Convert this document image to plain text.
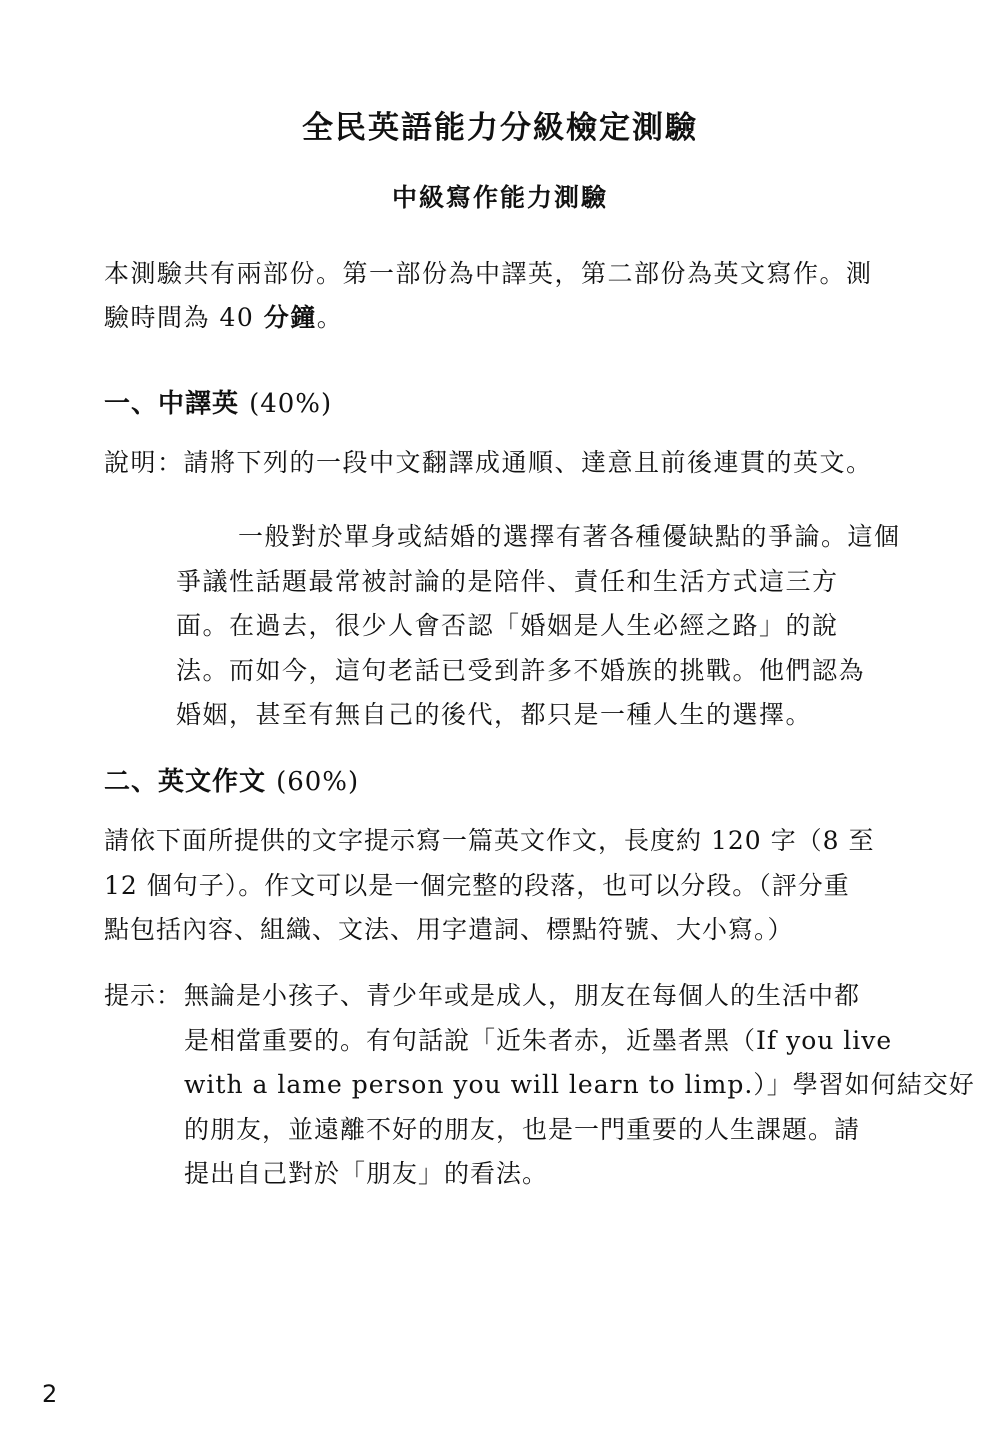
全民英語能力分級檢定測驗
中級寫作能力測驗

本測驗共有兩部份。第一部份為中譯英，第二部份為英文寫作。測
驗時間為 40 分鐘。

一、中譯英 (40%)

說明：請將下列的一段中文翻譯成通順、達意且前後連貫的英文。

一般對於單身或結婚的選擇有著各種優缺點的爭論。這個
爭議性話題最常被討論的是陪伴、責任和生活方式這三方
面。在過去，很少人會否認「婚姻是人生必經之路」的說
法。而如今，這句老話已受到許多不婚族的挑戰。他們認為
婚姻，甚至有無自己的後代，都只是一種人生的選擇。

二、英文作文 (60%)

請依下面所提供的文字提示寫一篇英文作文，長度約 120 字（8 至
12 個句子）。作文可以是一個完整的段落，也可以分段。（評分重
點包括內容、組織、文法、用字遣詞、標點符號、大小寫。）

提示： 無論是小孩子、青少年或是成人，朋友在每個人的生活中都
是相當重要的。有句話說「近朱者赤，近墨者黑（If you live
with a lame person you will learn to limp.）」學習如何結交好
的朋友，並遠離不好的朋友，也是一門重要的人生課題。請
提出自己對於「朋友」的看法。

2
